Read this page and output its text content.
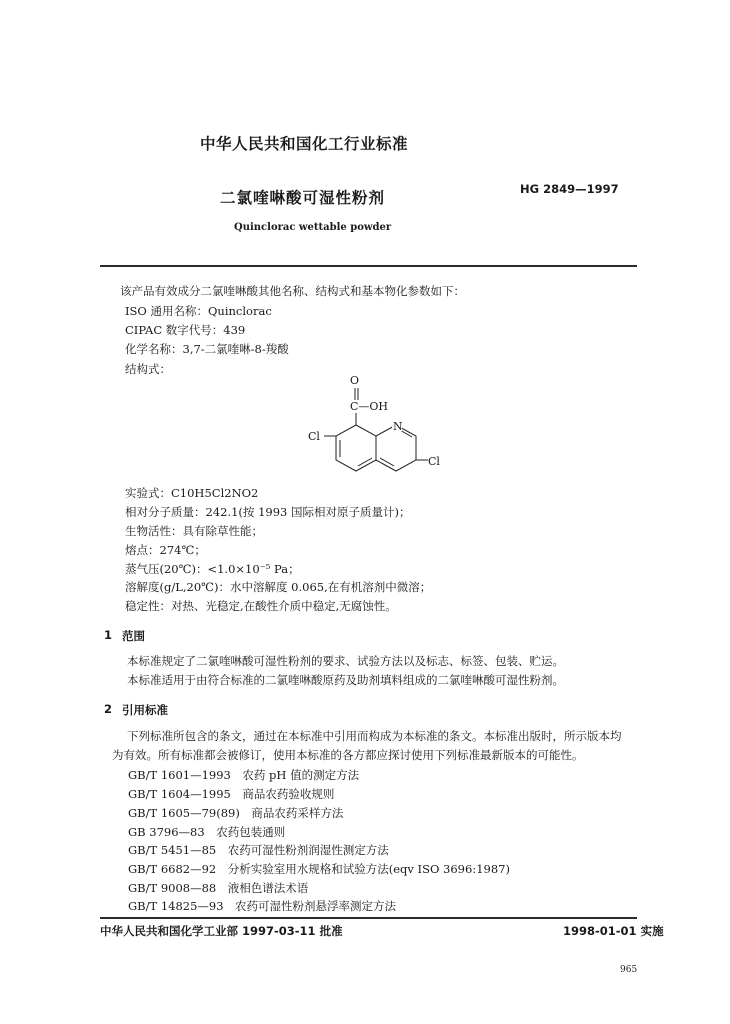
中华人民共和国化工行业标准
二氯喹啉酸可湿性粉剂	HG 2849—1997
Quinclorac wettable powder
该产品有效成分二氯喹啉酸其他名称、结构式和基本物化参数如下：
ISO 通用名称：Quinclorac
CIPAC 数字代号：439
化学名称：3,7-二氯喹啉-8-羧酸
结构式：
O
C—OH
N
Cl
Cl
实验式：C10H5Cl2NO2
相对分子质量：242.1(按 1993 国际相对原子质量计)；
生物活性：具有除草性能；
熔点：274℃；
蒸气压(20℃)：<1.0×10⁻⁵ Pa；
溶解度(g/L,20℃)：水中溶解度 0.065,在有机溶剂中微溶；
稳定性：对热、光稳定,在酸性介质中稳定,无腐蚀性。
1 范围
本标准规定了二氯喹啉酸可湿性粉剂的要求、试验方法以及标志、标签、包装、贮运。
本标准适用于由符合标准的二氯喹啉酸原药及助剂填料组成的二氯喹啉酸可湿性粉剂。
2 引用标准
下列标准所包含的条文，通过在本标准中引用而构成为本标准的条文。本标准出版时，所示版本均
为有效。所有标准都会被修订，使用本标准的各方都应探讨使用下列标准最新版本的可能性。
GB/T 1601—1993　农药 pH 值的测定方法
GB/T 1604—1995　商品农药验收规则
GB/T 1605—79(89)　商品农药采样方法
GB 3796—83　农药包装通则
GB/T 5451—85　农药可湿性粉剂润湿性测定方法
GB/T 6682—92　分析实验室用水规格和试验方法(eqv ISO 3696:1987)
GB/T 9008—88　液相色谱法术语
GB/T 14825—93　农药可湿性粉剂悬浮率测定方法
中华人民共和国化学工业部 1997-03-11 批准	1998-01-01 实施
965
